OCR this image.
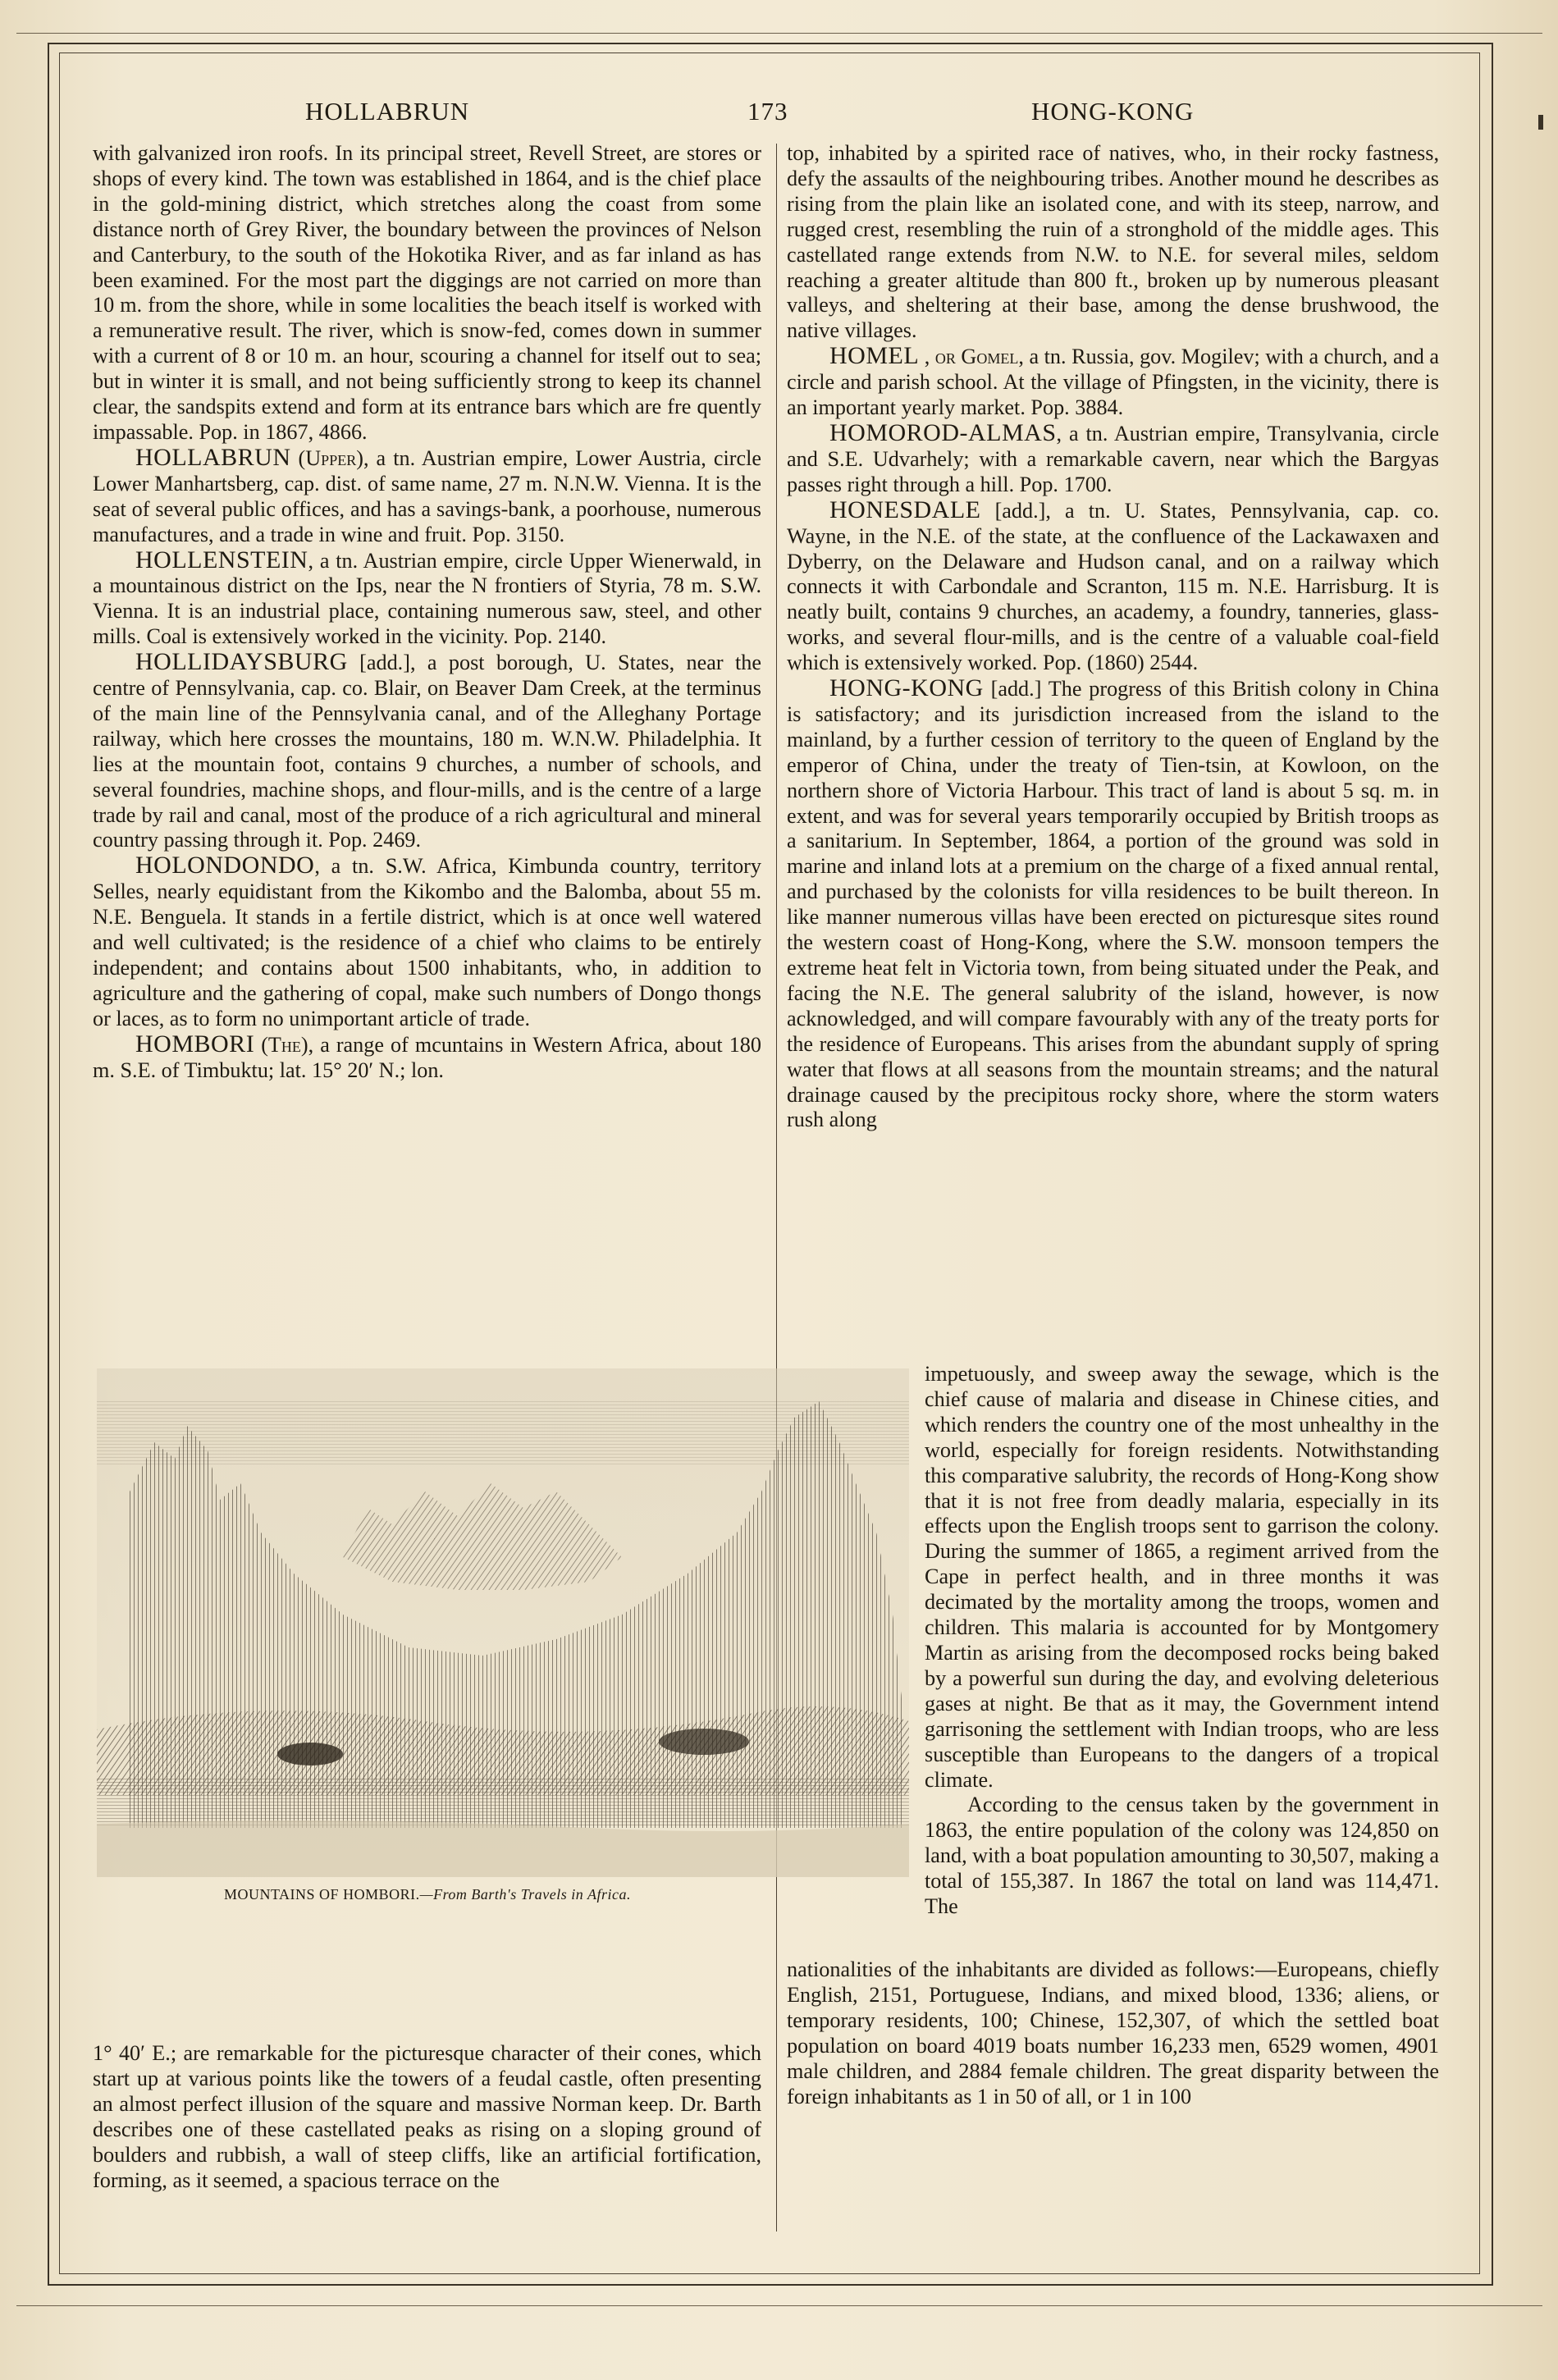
HOLLABRUN	173	HONG-KONG

with galvanized iron roofs. In its principal street, Revell Street, are stores or shops of every kind. The town was established in 1864, and is the chief place in the gold-mining district, which stretches along the coast from some distance north of Grey River, the boundary between the provinces of Nelson and Canterbury, to the south of the Hokotika River, and as far inland as has been examined. For the most part the diggings are not carried on more than 10 m. from the shore, while in some localities the beach itself is worked with a remunerative result. The river, which is snow-fed, comes down in summer with a current of 8 or 10 m. an hour, scouring a channel for itself out to sea; but in winter it is small, and not being sufficiently strong to keep its channel clear, the sandspits extend and form at its entrance bars which are fre quently impassable. Pop. in 1867, 4866.

HOLLABRUN (Upper), a tn. Austrian empire, Lower Austria, circle Lower Manhartsberg, cap. dist. of same name, 27 m. N.N.W. Vienna. It is the seat of several public offices, and has a savings-bank, a poorhouse, numerous manufactures, and a trade in wine and fruit. Pop. 3150.

HOLLENSTEIN, a tn. Austrian empire, circle Upper Wienerwald, in a mountainous district on the Ips, near the N frontiers of Styria, 78 m. S.W. Vienna. It is an industrial place, containing numerous saw, steel, and other mills. Coal is extensively worked in the vicinity. Pop. 2140.

HOLLIDAYSBURG [add.], a post borough, U. States, near the centre of Pennsylvania, cap. co. Blair, on Beaver Dam Creek, at the terminus of the main line of the Pennsylvania canal, and of the Alleghany Portage railway, which here crosses the mountains, 180 m. W.N.W. Philadelphia. It lies at the mountain foot, contains 9 churches, a number of schools, and several foundries, machine shops, and flour-mills, and is the centre of a large trade by rail and canal, most of the produce of a rich agricultural and mineral country passing through it. Pop. 2469.

HOLONDONDO, a tn. S.W. Africa, Kimbunda country, territory Selles, nearly equidistant from the Kikombo and the Balomba, about 55 m. N.E. Benguela. It stands in a fertile district, which is at once well watered and well cultivated; is the residence of a chief who claims to be entirely independent; and contains about 1500 inhabitants, who, in addition to agriculture and the gathering of copal, make such numbers of Dongo thongs or laces, as to form no unimportant article of trade.

HOMBORI (The), a range of mcuntains in Western Africa, about 180 m. S.E. of Timbuktu; lat. 15° 20′ N.; lon.

top, inhabited by a spirited race of natives, who, in their rocky fastness, defy the assaults of the neighbouring tribes. Another mound he describes as rising from the plain like an isolated cone, and with its steep, narrow, and rugged crest, resembling the ruin of a stronghold of the middle ages. This castellated range extends from N.W. to N.E. for several miles, seldom reaching a greater altitude than 800 ft., broken up by numerous pleasant valleys, and sheltering at their base, among the dense brushwood, the native villages.

HOMEL , or Gomel, a tn. Russia, gov. Mogilev; with a church, and a circle and parish school. At the village of Pfingsten, in the vicinity, there is an important yearly market. Pop. 3884.

HOMOROD-ALMAS, a tn. Austrian empire, Transylvania, circle and S.E. Udvarhely; with a remarkable cavern, near which the Bargyas passes right through a hill. Pop. 1700.

HONESDALE [add.], a tn. U. States, Pennsylvania, cap. co. Wayne, in the N.E. of the state, at the confluence of the Lackawaxen and Dyberry, on the Delaware and Hudson canal, and on a railway which connects it with Carbondale and Scranton, 115 m. N.E. Harrisburg. It is neatly built, contains 9 churches, an academy, a foundry, tanneries, glass-works, and several flour-mills, and is the centre of a valuable coal-field which is extensively worked. Pop. (1860) 2544.

HONG-KONG [add.] The progress of this British colony in China is satisfactory; and its jurisdiction increased from the island to the mainland, by a further cession of territory to the queen of England by the emperor of China, under the treaty of Tien-tsin, at Kowloon, on the northern shore of Victoria Harbour. This tract of land is about 5 sq. m. in extent, and was for several years temporarily occupied by British troops as a sanitarium. In September, 1864, a portion of the ground was sold in marine and inland lots at a premium on the charge of a fixed annual rental, and purchased by the colonists for villa residences to be built thereon. In like manner numerous villas have been erected on picturesque sites round the western coast of Hong-Kong, where the S.W. monsoon tempers the extreme heat felt in Victoria town, from being situated under the Peak, and facing the N.E. The general salubrity of the island, however, is now acknowledged, and will compare favourably with any of the treaty ports for the residence of Europeans. This arises from the abundant supply of spring water that flows at all seasons from the mountain streams; and the natural drainage caused by the precipitous rocky shore, where the storm waters rush along

impetuously, and sweep away the sewage, which is the chief cause of malaria and disease in Chinese cities, and which renders the country one of the most unhealthy in the world, especially for foreign residents. Notwithstanding this comparative salubrity, the records of Hong-Kong show that it is not free from deadly malaria, especially in its effects upon the English troops sent to garrison the colony. During the summer of 1865, a regiment arrived from the Cape in perfect health, and in three months it was decimated by the mortality among the troops, women and children. This malaria is accounted for by Montgomery Martin as arising from the decomposed rocks being baked by a powerful sun during the day, and evolving deleterious gases at night. Be that as it may, the Government intend garrisoning the settlement with Indian troops, who are less susceptible than Europeans to the dangers of a tropical climate.

According to the census taken by the government in 1863, the entire population of the colony was 124,850 on land, with a boat population amounting to 30,507, making a total of 155,387. In 1867 the total on land was 114,471. The

MOUNTAINS OF HOMBORI.—From Barth's Travels in Africa.

1° 40′ E.; are remarkable for the picturesque character of their cones, which start up at various points like the towers of a feudal castle, often presenting an almost perfect illusion of the square and massive Norman keep. Dr. Barth describes one of these castellated peaks as rising on a sloping ground of boulders and rubbish, a wall of steep cliffs, like an artificial fortification, forming, as it seemed, a spacious terrace on the

nationalities of the inhabitants are divided as follows:—Europeans, chiefly English, 2151, Portuguese, Indians, and mixed blood, 1336; aliens, or temporary residents, 100; Chinese, 152,307, of which the settled boat population on board 4019 boats number 16,233 men, 6529 women, 4901 male children, and 2884 female children. The great disparity between the foreign inhabitants as 1 in 50 of all, or 1 in 100
